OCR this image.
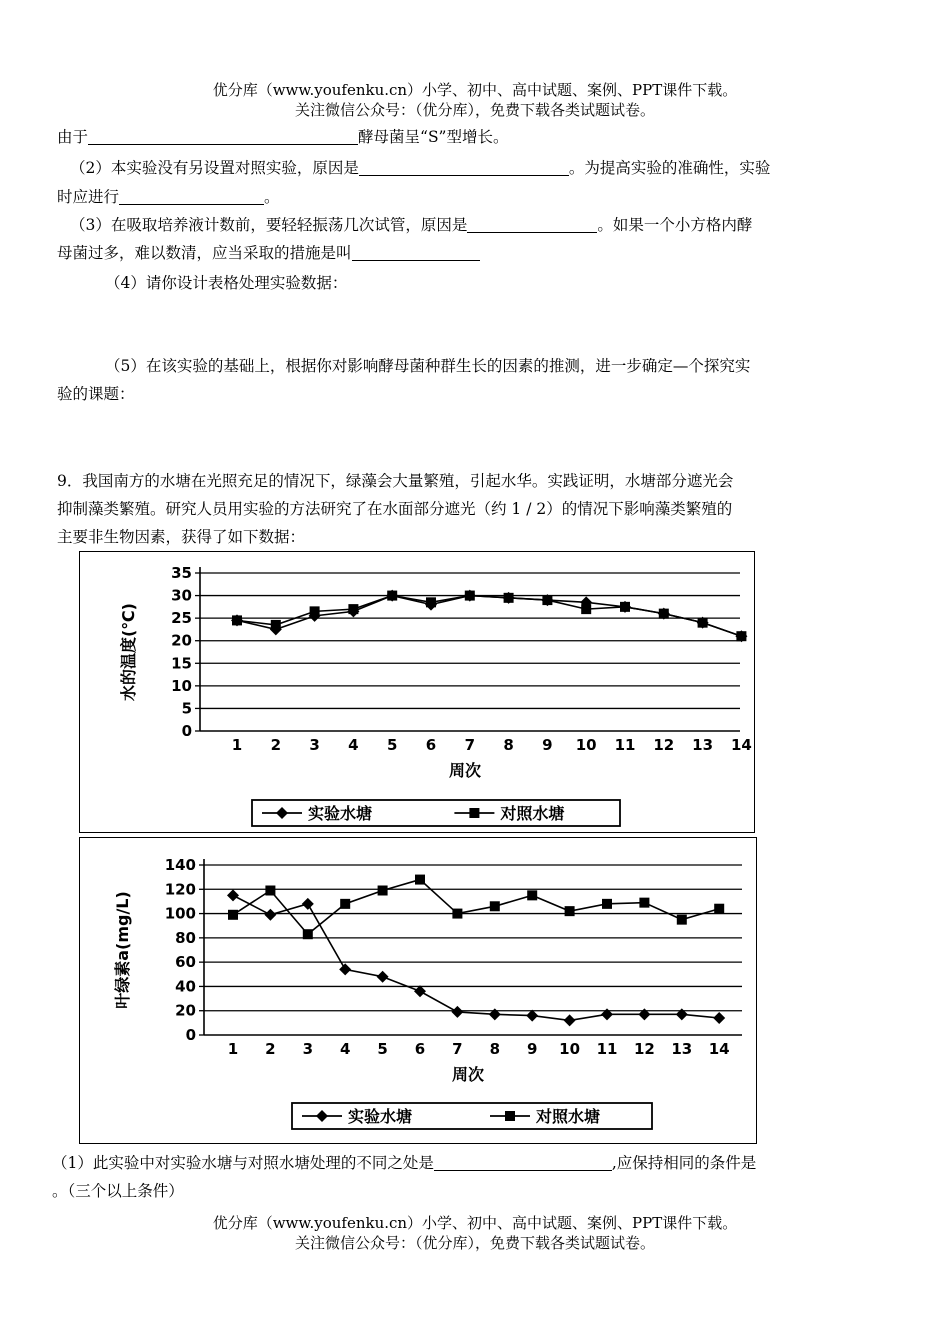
优分库（www.youfenku.cn）小学、初中、高中试题、案例、PPT课件下载。
关注微信公众号：（优分库），免费下载各类试题试卷。
由于	酵母菌呈“S”型增长。
（2）本实验没有另设置对照实验，原因是	。为提高实验的准确性，实验
时应进行	。
（3）在吸取培养液计数前，要轻轻振荡几次试管，原因是	。如果一个小方格内酵
母菌过多，难以数清，应当采取的措施是叫
（4）请你设计表格处理实验数据：
（5）在该实验的基础上，根据你对影响酵母菌种群生长的因素的推测，进一步确定—个探究实
验的课题：
9．我国南方的水塘在光照充足的情况下，绿藻会大量繁殖，引起水华。实践证明，水塘部分遮光会
抑制藻类繁殖。研究人员用实验的方法研究了在水面部分遮光（约 1 / 2）的情况下影响藻类繁殖的
主要非生物因素，获得了如下数据：
0
5
10
15
20
25
30
35
1 2 3 4 5 6 7 8 9 10 11 12 13 14
周次
水的温度(℃)
实验水塘	对照水塘
0
20
40
60
80
100
120
140
1 2 3 4 5 6 7 8 9 10 11 12 13 14
周次
叶绿素a(mg/L)
实验水塘	对照水塘
（1）此实验中对实验水塘与对照水塘处理的不同之处是	,应保持相同的条件是
。（三个以上条件）
优分库（www.youfenku.cn）小学、初中、高中试题、案例、PPT课件下载。
关注微信公众号：（优分库），免费下载各类试题试卷。
